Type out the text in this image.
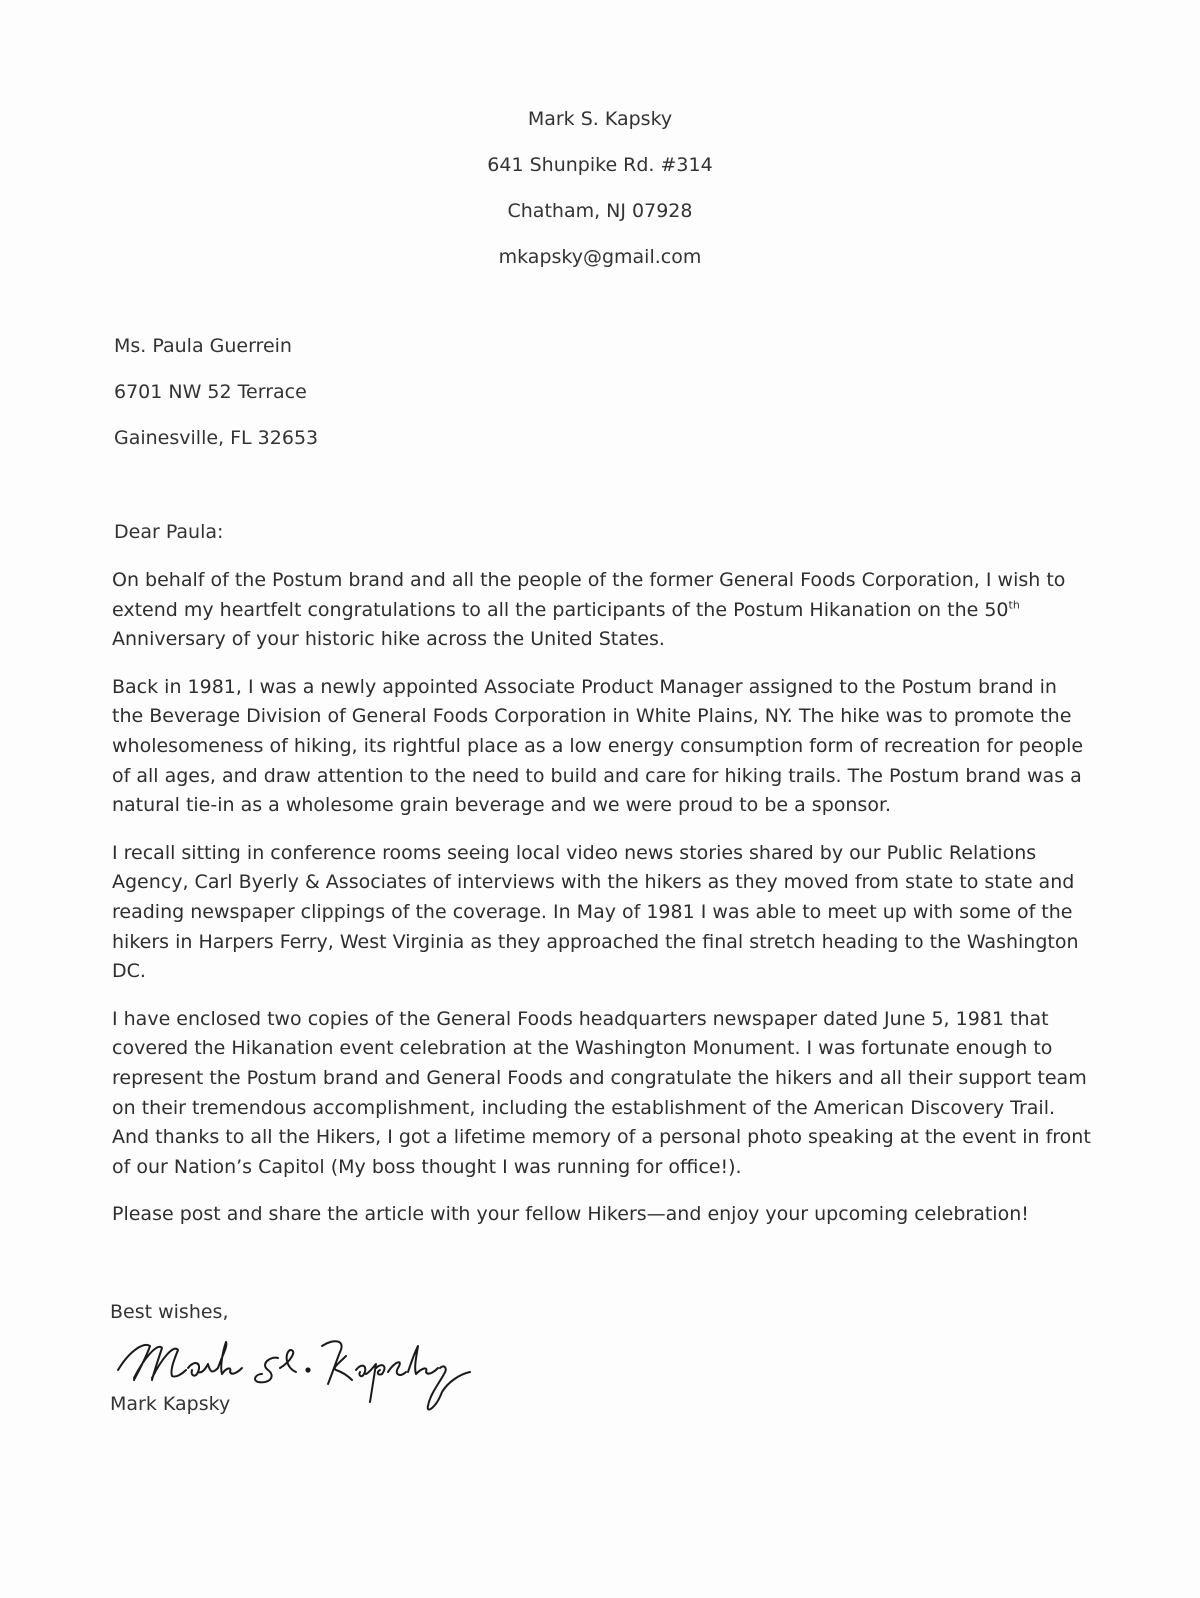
Mark S. Kapsky
641 Shunpike Rd. #314
Chatham, NJ 07928
mkapsky@gmail.com
Ms. Paula Guerrein
6701 NW 52 Terrace
Gainesville, FL 32653
Dear Paula:

On behalf of the Postum brand and all the people of the former General Foods Corporation, I wish to extend my heartfelt congratulations to all the participants of the Postum Hikanation on the 50th Anniversary of your historic hike across the United States.

Back in 1981, I was a newly appointed Associate Product Manager assigned to the Postum brand in the Beverage Division of General Foods Corporation in White Plains, NY. The hike was to promote the wholesomeness of hiking, its rightful place as a low energy consumption form of recreation for people of all ages, and draw attention to the need to build and care for hiking trails. The Postum brand was a natural tie-in as a wholesome grain beverage and we were proud to be a sponsor.

I recall sitting in conference rooms seeing local video news stories shared by our Public Relations Agency, Carl Byerly & Associates of interviews with the hikers as they moved from state to state and reading newspaper clippings of the coverage. In May of 1981 I was able to meet up with some of the hikers in Harpers Ferry, West Virginia as they approached the final stretch heading to the Washington DC.

I have enclosed two copies of the General Foods headquarters newspaper dated June 5, 1981 that covered the Hikanation event celebration at the Washington Monument. I was fortunate enough to represent the Postum brand and General Foods and congratulate the hikers and all their support team on their tremendous accomplishment, including the establishment of the American Discovery Trail. And thanks to all the Hikers, I got a lifetime memory of a personal photo speaking at the event in front of our Nation’s Capitol (My boss thought I was running for office!).

Please post and share the article with your fellow Hikers—and enjoy your upcoming celebration!

Best wishes,
Mark Kapsky
